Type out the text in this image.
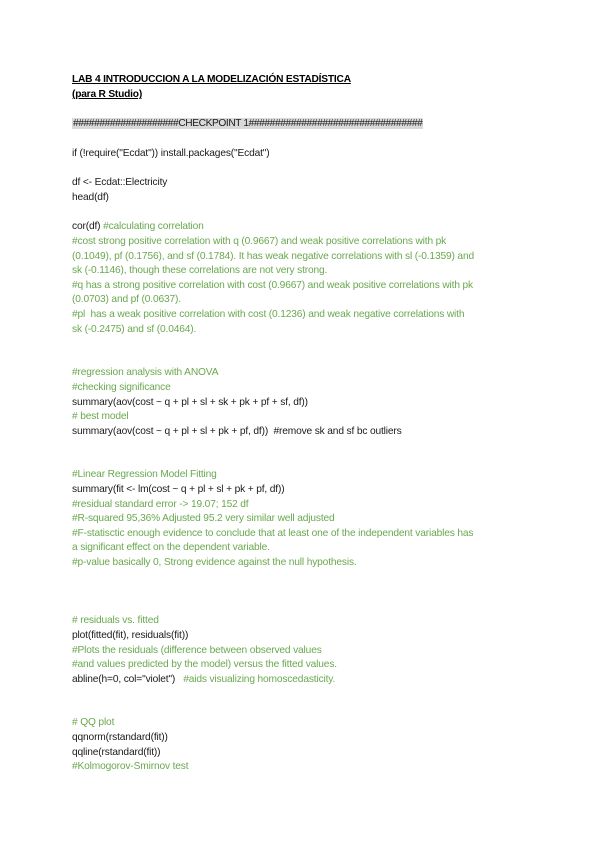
LAB 4 INTRODUCCION A LA MODELIZACIÓN ESTADÍSTICA
(para R Studio)
####################CHECKPOINT 1#################################
if (!require("Ecdat")) install.packages("Ecdat")
df <- Ecdat::Electricity
head(df)
cor(df) #calculating correlation
#cost strong positive correlation with q (0.9667) and weak positive correlations with pk
(0.1049), pf (0.1756), and sf (0.1784). It has weak negative correlations with sl (-0.1359) and
sk (-0.1146), though these correlations are not very strong.
#q has a strong positive correlation with cost (0.9667) and weak positive correlations with pk
(0.0703) and pf (0.0637).
#pl  has a weak positive correlation with cost (0.1236) and weak negative correlations with
sk (-0.2475) and sf (0.0464).
#regression analysis with ANOVA
#checking significance
summary(aov(cost ~ q + pl + sl + sk + pk + pf + sf, df))
# best model
summary(aov(cost ~ q + pl + sl + pk + pf, df))  #remove sk and sf bc outliers
#Linear Regression Model Fitting
summary(fit <- lm(cost ~ q + pl + sl + pk + pf, df))
#residual standard error -> 19.07; 152 df
#R-squared 95,36% Adjusted 95.2 very similar well adjusted
#F-statisctic enough evidence to conclude that at least one of the independent variables has
a significant effect on the dependent variable.
#p-value basically 0, Strong evidence against the null hypothesis.
# residuals vs. fitted
plot(fitted(fit), residuals(fit))
#Plots the residuals (difference between observed values
#and values predicted by the model) versus the fitted values.
abline(h=0, col="violet")   #aids visualizing homoscedasticity.
# QQ plot
qqnorm(rstandard(fit))
qqline(rstandard(fit))
#Kolmogorov-Smirnov test
